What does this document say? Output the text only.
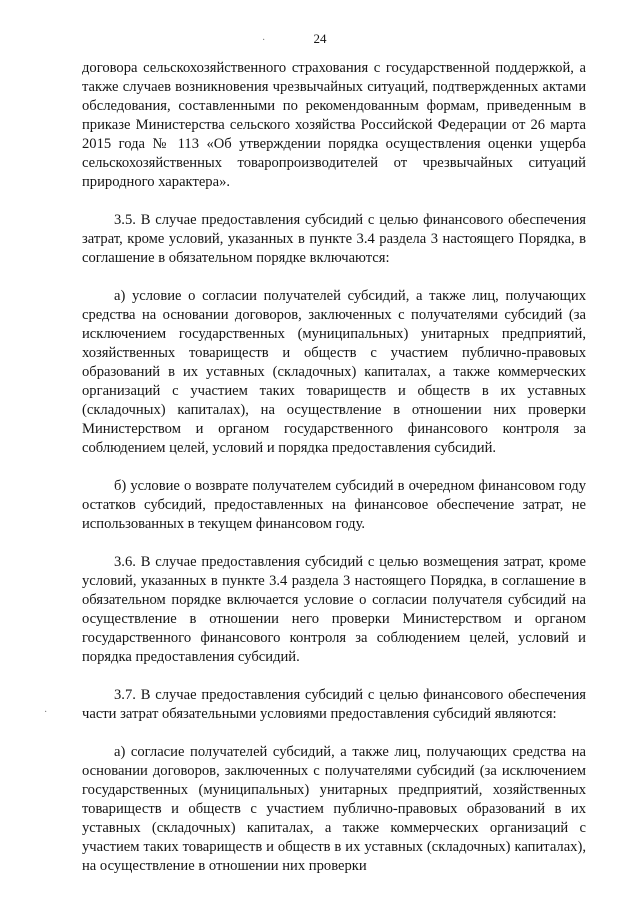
24

договора сельскохозяйственного страхования с государственной поддержкой, а также случаев возникновения чрезвычайных ситуаций, подтвержденных актами обследования, составленными по рекомендованным формам, приведенным в приказе Министерства сельского хозяйства Российской Федерации от 26 марта 2015 года № 113 «Об утверждении порядка осуществления оценки ущерба сельскохозяйственных товаропроизводителей от чрезвычайных ситуаций природного характера».

3.5. В случае предоставления субсидий с целью финансового обеспечения затрат, кроме условий, указанных в пункте 3.4 раздела 3 настоящего Порядка, в соглашение в обязательном порядке включаются:

а) условие о согласии получателей субсидий, а также лиц, получающих средства на основании договоров, заключенных с получателями субсидий (за исключением государственных (муниципальных) унитарных предприятий, хозяйственных товариществ и обществ с участием публично-правовых образований в их уставных (складочных) капиталах, а также коммерческих организаций с участием таких товариществ и обществ в их уставных (складочных) капиталах), на осуществление в отношении них проверки Министерством и органом государственного финансового контроля за соблюдением целей, условий и порядка предоставления субсидий.

б) условие о возврате получателем субсидий в очередном финансовом году остатков субсидий, предоставленных на финансовое обеспечение затрат, не использованных в текущем финансовом году.

3.6. В случае предоставления субсидий с целью возмещения затрат, кроме условий, указанных в пункте 3.4 раздела 3 настоящего Порядка, в соглашение в обязательном порядке включается условие о согласии получателя субсидий на осуществление в отношении него проверки Министерством и органом государственного финансового контроля за соблюдением целей, условий и порядка предоставления субсидий.

3.7. В случае предоставления субсидий с целью финансового обеспечения части затрат обязательными условиями предоставления субсидий являются:

а) согласие получателей субсидий, а также лиц, получающих средства на основании договоров, заключенных с получателями субсидий (за исключением государственных (муниципальных) унитарных предприятий, хозяйственных товариществ и обществ с участием публично-правовых образований в их уставных (складочных) капиталах, а также коммерческих организаций с участием таких товариществ и обществ в их уставных (складочных) капиталах), на осуществление в отношении них проверки

·
·
